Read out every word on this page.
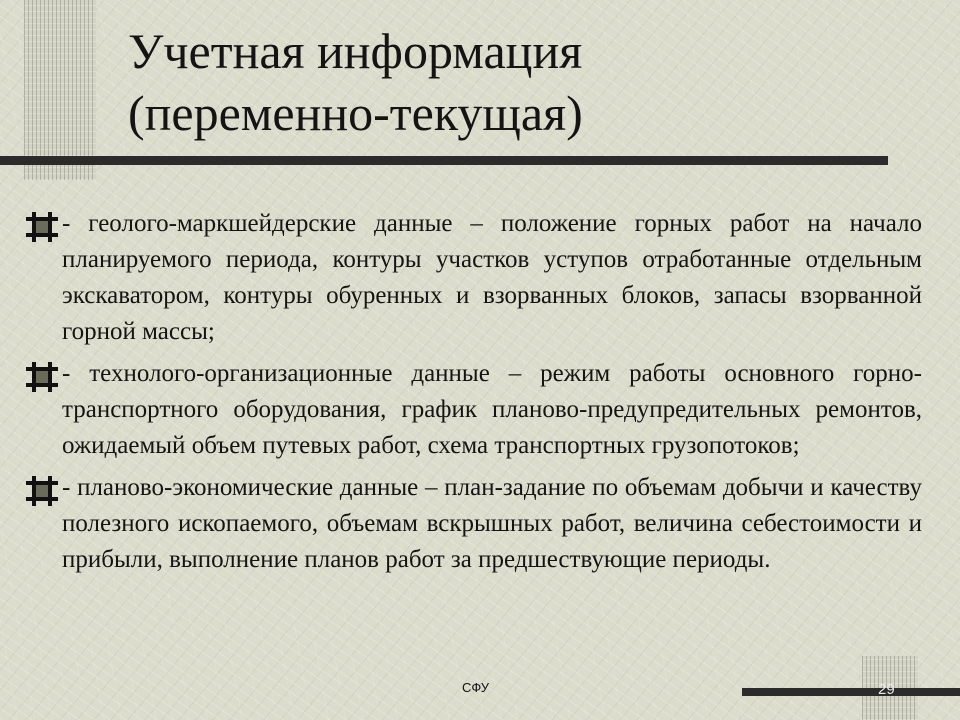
Учетная информация
(переменно-текущая)
- геолого-маркшейдерские данные – положение горных работ на начало планируемого периода, контуры участков уступов отработанные отдельным экскаватором, контуры обуренных и взорванных блоков, запасы взорванной горной массы;
- технолого-организационные данные – режим работы основного горно-транспортного оборудования, график планово-предупредительных ремонтов, ожидаемый объем путевых работ, схема транспортных грузопотоков;
- планово-экономические данные – план-задание по объемам добычи и качеству полезного ископаемого, объемам вскрышных работ, величина себестоимости и прибыли, выполнение планов работ за предшествующие периоды.
СФУ	29
